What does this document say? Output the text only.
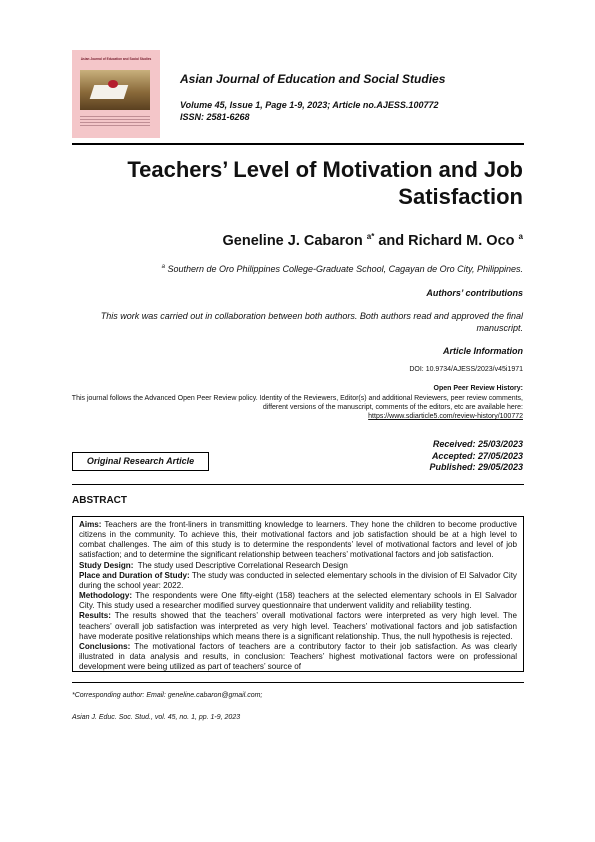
Asian Journal of Education and Social Studies
Asian Journal of Education and Social Studies
Volume 45, Issue 1, Page 1-9, 2023; Article no.AJESS.100772
ISSN: 2581-6268
Teachers’ Level of Motivation and Job Satisfaction
Geneline J. Cabaron $^{a*}$ and Richard M. Oco $^a$
$^a$ Southern de Oro Philippines College-Graduate School, Cagayan de Oro City, Philippines.
Authors’ contributions
This work was carried out in collaboration between both authors. Both authors read and approved the final manuscript.
Article Information
DOI: 10.9734/AJESS/2023/v45i1971
Open Peer Review History:
This journal follows the Advanced Open Peer Review policy. Identity of the Reviewers, Editor(s) and additional Reviewers, peer review comments, different versions of the manuscript, comments of the editors, etc are available here:
https://www.sdiarticle5.com/review-history/100772
Original Research Article
Received: 25/03/2023
Accepted: 27/05/2023
Published: 29/05/2023
ABSTRACT

Aims: Teachers are the front-liners in transmitting knowledge to learners. They hone the children to become productive citizens in the community. To achieve this, their motivational factors and job satisfaction should be at a high level to combat challenges. The aim of this study is to determine the respondents’ level of motivational factors and level of job satisfaction; and to determine the significant relationship between teachers’ motivational factors and job satisfaction.

Study Design:  The study used Descriptive Correlational Research Design

Place and Duration of Study: The study was conducted in selected elementary schools in the division of El Salvador City during the school year: 2022.

Methodology: The respondents were One fifty-eight (158) teachers at the selected elementary schools in El Salvador City. This study used a researcher modified survey questionnaire that underwent validity and reliability testing.

Results: The results showed that the teachers’ overall motivational factors were interpreted as very high level. The teachers’ overall job satisfaction was interpreted as very high level. Teachers’ motivational factors and job satisfaction have moderate positive relationships which means there is a significant relationship. Thus, the null hypothesis is rejected.

Conclusions: The motivational factors of teachers are a contributory factor to their job satisfaction. As was clearly illustrated in data analysis and results, in conclusion: Teachers’ highest motivational factors were on professional development were being utilized as part of teachers’ source of

*Corresponding author: Email: geneline.cabaron@gmail.com;
Asian J. Educ. Soc. Stud., vol. 45, no. 1, pp. 1-9, 2023
